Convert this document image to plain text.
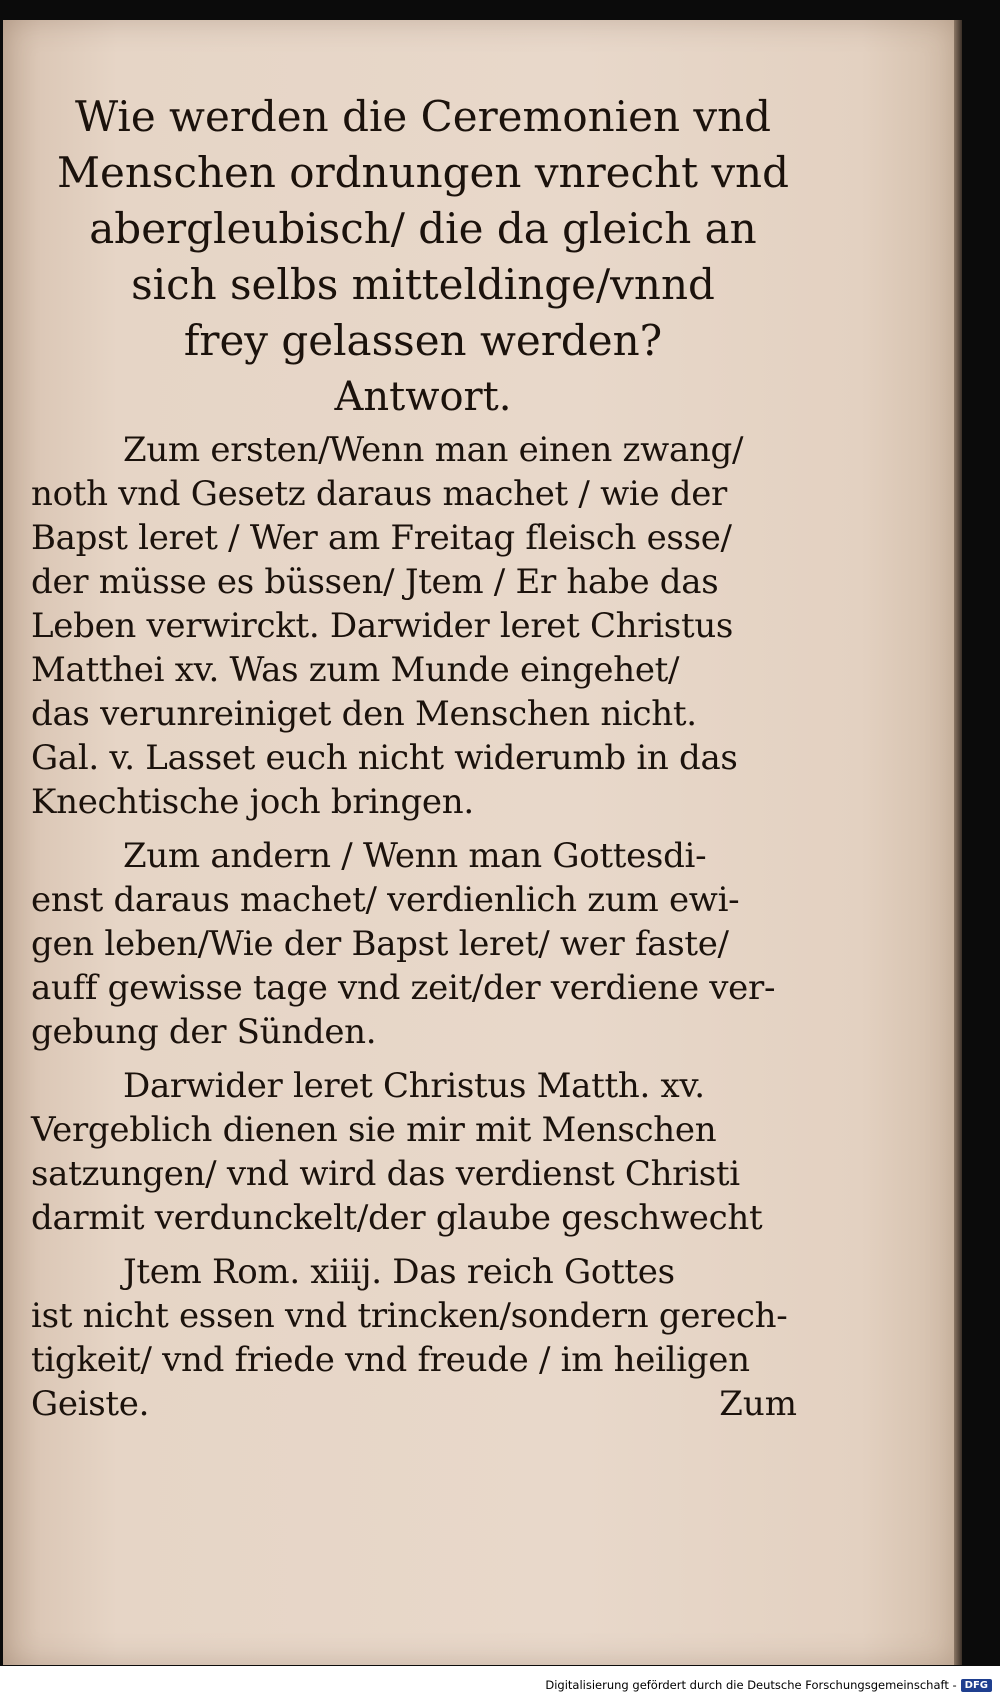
Wie werden die Ceremonien vnd
Menschen ordnungen vnrecht vnd
abergleubisch/ die da gleich an
sich selbs mitteldinge/vnnd
frey gelassen werden?
Antwort.
Zum ersten/Wenn man einen zwang/
noth vnd Gesetz daraus machet / wie der
Bapst leret / Wer am Freitag fleisch esse/
der müsse es büssen/ Jtem / Er habe das
Leben verwirckt. Darwider leret Christus
Matthei xv. Was zum Munde eingehet/
das verunreiniget den Menschen nicht.
Gal. v. Lasset euch nicht widerumb in das
Knechtische joch bringen.
Zum andern / Wenn man Gottesdi-
enst daraus machet/ verdienlich zum ewi-
gen leben/Wie der Bapst leret/ wer faste/
auff gewisse tage vnd zeit/der verdiene ver-
gebung der Sünden.
Darwider leret Christus Matth. xv.
Vergeblich dienen sie mir mit Menschen
satzungen/ vnd wird das verdienst Christi
darmit verdunckelt/der glaube geschwecht
Jtem Rom. xiiij. Das reich Gottes
ist nicht essen vnd trincken/sondern gerech-
tigkeit/ vnd friede vnd freude / im heiligen
Geiste.	Zum
Digitalisierung gefördert durch die Deutsche Forschungsgemeinschaft - DFG
